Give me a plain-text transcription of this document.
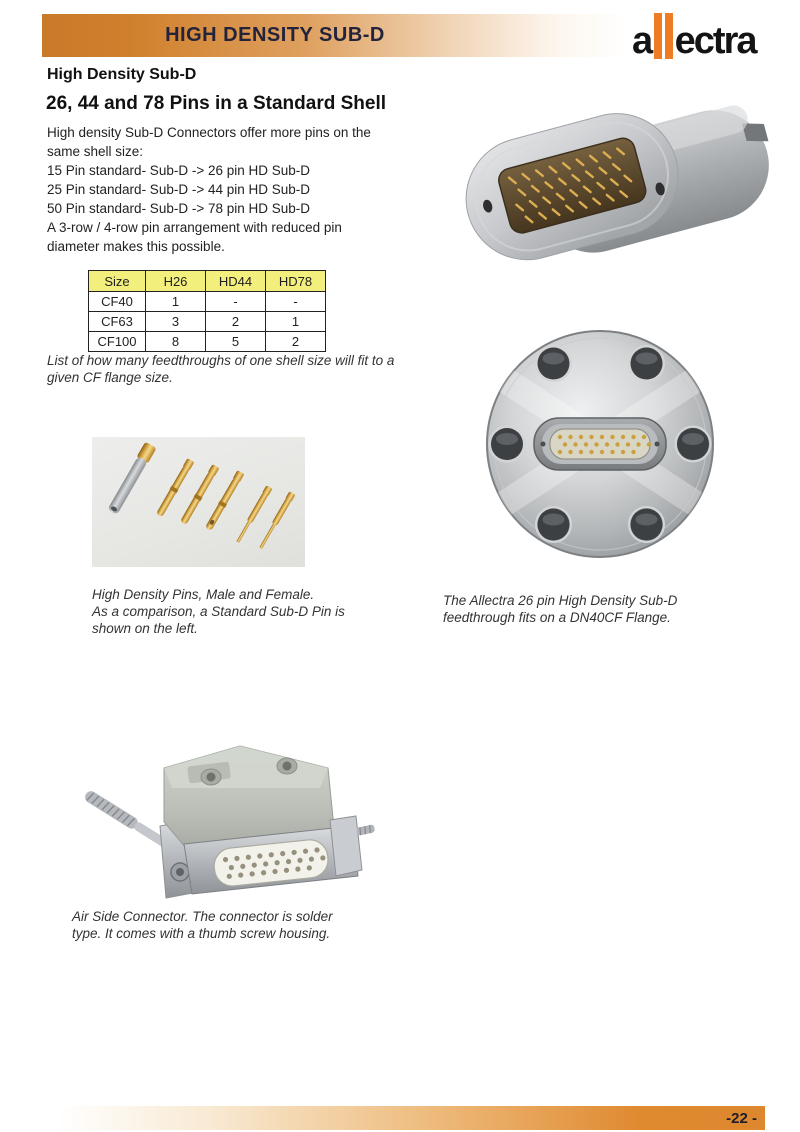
HIGH DENSITY SUB-D	a ectra
High Density Sub-D
26, 44 and 78 Pins in a Standard Shell
High density Sub-D Connectors offer more pins on the
same shell size:
15 Pin standard- Sub-D -> 26 pin HD Sub-D
25 Pin standard- Sub-D -> 44 pin HD Sub-D
50 Pin standard- Sub-D -> 78 pin HD Sub-D
A 3-row / 4-row pin arrangement with reduced pin
diameter makes this possible.
Size	H26	HD44	HD78
CF40	1	-	-
CF63	3	2	1
CF100	8	5	2
List of how many feedthroughs of one shell size will fit to a
given CF flange size.
High Density Pins, Male and Female.
As a comparison, a Standard Sub-D Pin is
shown on the left.
The Allectra 26 pin High Density Sub-D
feedthrough fits on a DN40CF Flange.
Air Side Connector. The connector is solder
type. It comes with a thumb screw housing.
-22 -
